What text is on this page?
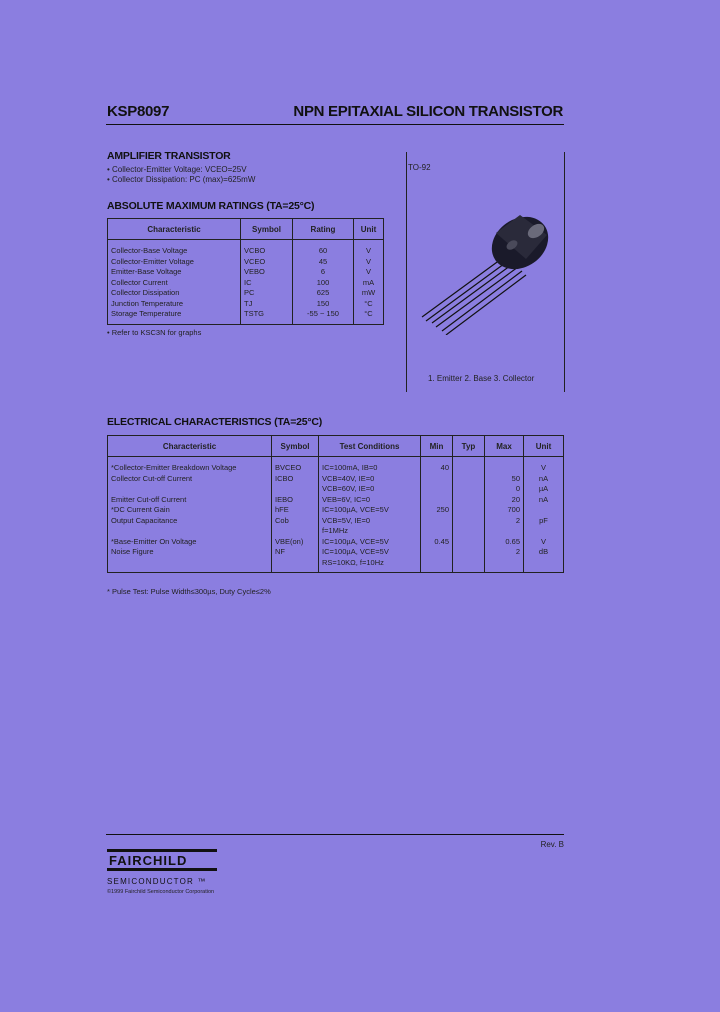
KSP8097	NPN EPITAXIAL SILICON TRANSISTOR
AMPLIFIER TRANSISTOR
• Collector-Emitter Voltage: VCEO=25V
• Collector Dissipation: PC (max)=625mW
TO-92
1. Emitter 2. Base 3. Collector
ABSOLUTE MAXIMUM RATINGS (TA=25°C)
Characteristic	Symbol	Rating	Unit
Collector-Base Voltage	VCBO	60	V
Collector-Emitter Voltage	VCEO	45	V
Emitter-Base Voltage	VEBO	6	V
Collector Current	IC	100	mA
Collector Dissipation	PC	625	mW
Junction Temperature	TJ	150	°C
Storage Temperature	TSTG	-55 ~ 150	°C
• Refer to KSC3N for graphs
ELECTRICAL CHARACTERISTICS (TA=25°C)
Characteristic	Symbol	Test Conditions	Min	Typ	Max	Unit
*Collector-Emitter Breakdown Voltage	BVCEO	IC=100mA, IB=0	40			V
Collector Cut-off Current	ICBO	VCB=40V, IE=0			50	nA
		VCB=60V, IE=0			0	µA
Emitter Cut-off Current	IEBO	VEB=6V, IC=0			20	nA
*DC Current Gain	hFE	IC=100µA, VCE=5V	250		700	
Output Capacitance	Cob	VCB=5V, IE=0			2	pF
		f=1MHz				
*Base-Emitter On Voltage	VBE(on)	IC=100µA, VCE=5V	0.45		0.65	V
Noise Figure	NF	IC=100µA, VCE=5V			2	dB
		RS=10KΩ, f=10Hz				
* Pulse Test: Pulse Width≤300µs, Duty Cycle≤2%
Rev. B
FAIRCHILD
SEMICONDUCTOR ™
©1999 Fairchild Semiconductor Corporation
